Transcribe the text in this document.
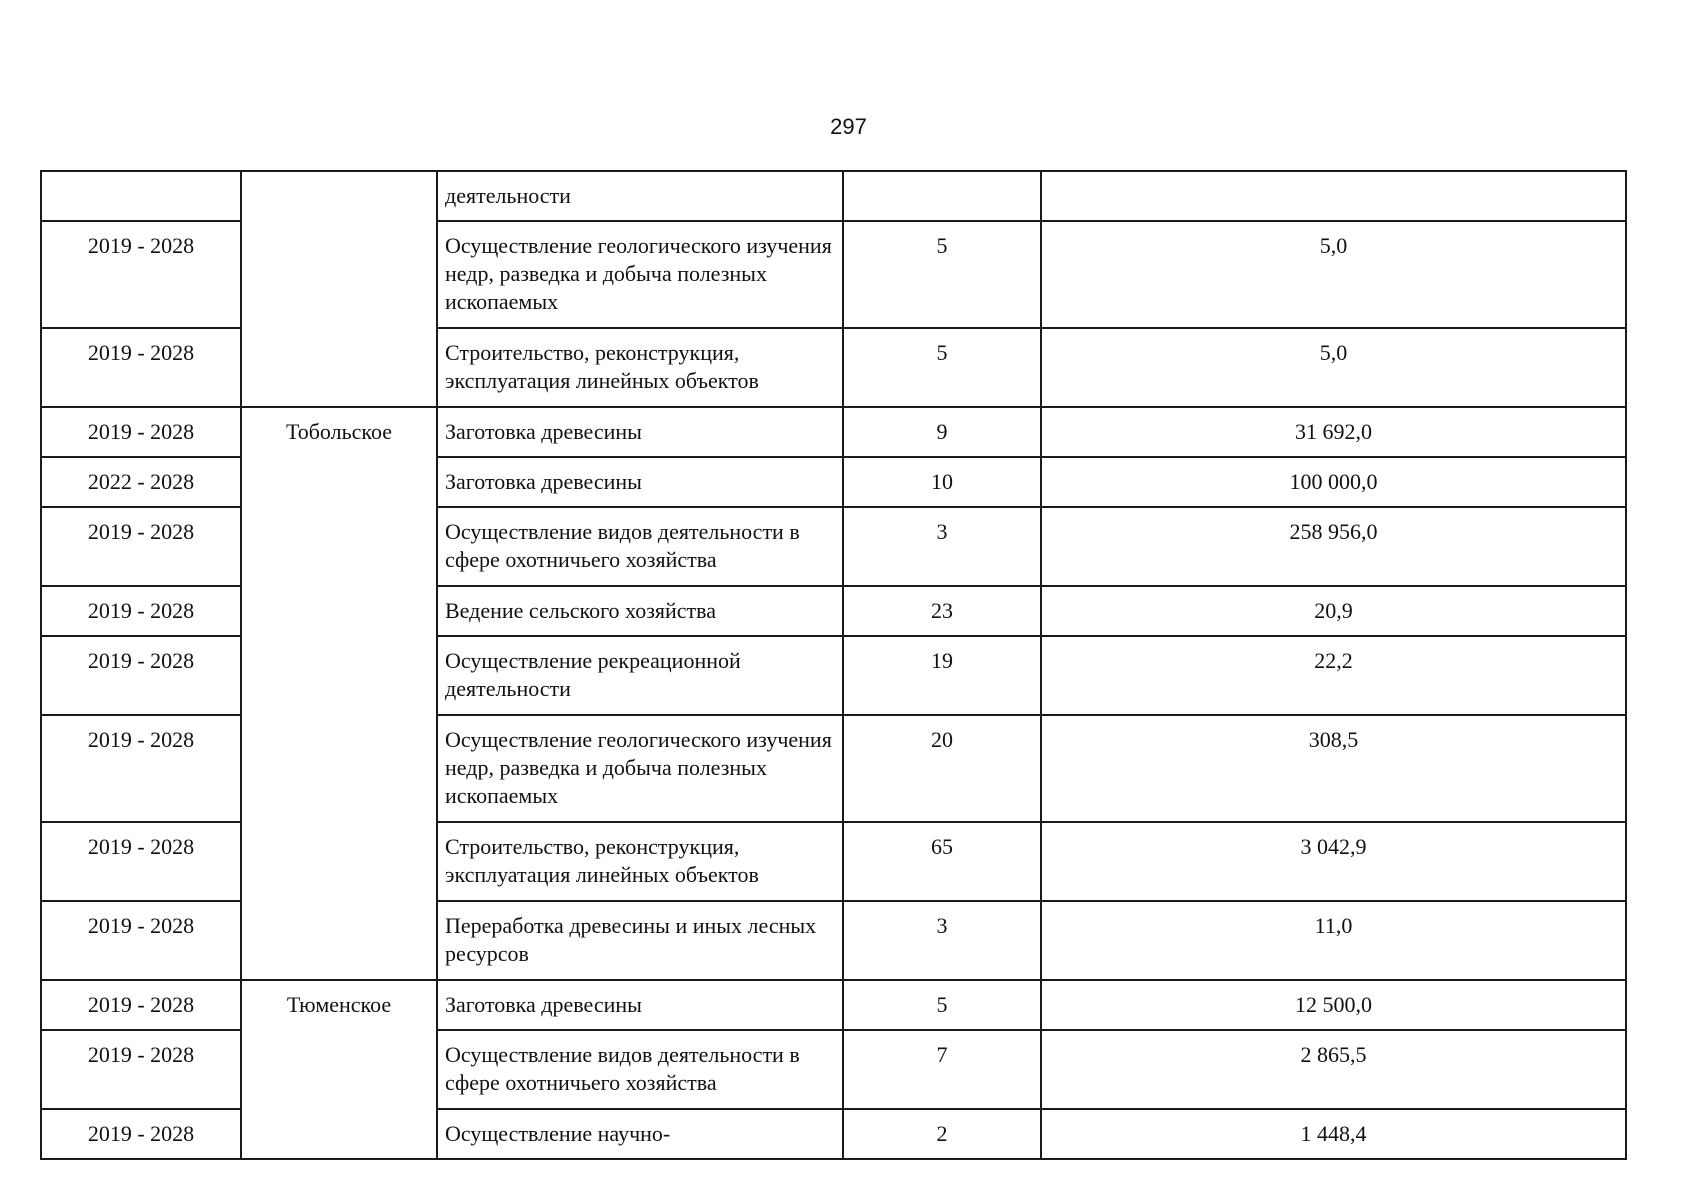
297
		деятельности		
2019 - 2028		Осуществление геологического изучения недр, разведка и добыча полезных ископаемых	5	5,0
2019 - 2028		Строительство, реконструкция, эксплуатация линейных объектов	5	5,0
2019 - 2028	Тобольское	Заготовка древесины	9	31 692,0
2022 - 2028		Заготовка древесины	10	100 000,0
2019 - 2028		Осуществление видов деятельности в сфере охотничьего хозяйства	3	258 956,0
2019 - 2028		Ведение сельского хозяйства	23	20,9
2019 - 2028		Осуществление рекреационной деятельности	19	22,2
2019 - 2028		Осуществление геологического изучения недр, разведка и добыча полезных ископаемых	20	308,5
2019 - 2028		Строительство, реконструкция, эксплуатация линейных объектов	65	3 042,9
2019 - 2028		Переработка древесины и иных лесных ресурсов	3	11,0
2019 - 2028	Тюменское	Заготовка древесины	5	12 500,0
2019 - 2028		Осуществление видов деятельности в сфере охотничьего хозяйства	7	2 865,5
2019 - 2028		Осуществление научно-	2	1 448,4
